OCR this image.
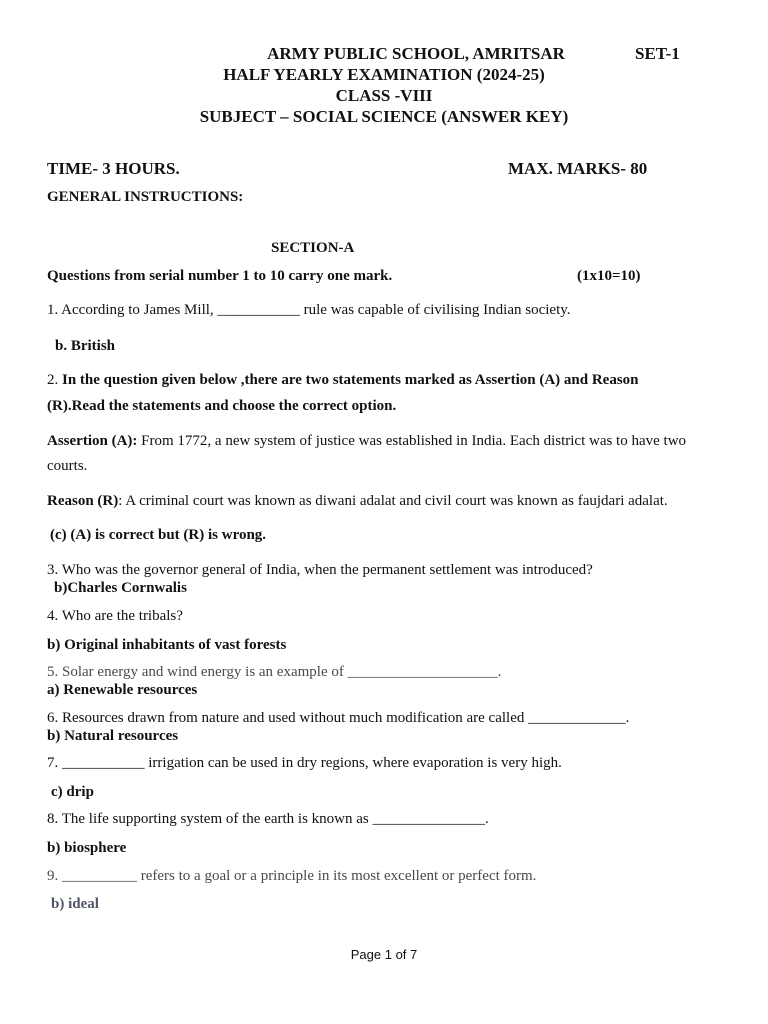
ARMY PUBLIC SCHOOL, AMRITSAR	SET-1
HALF YEARLY EXAMINATION (2024-25)
CLASS -VIII
SUBJECT – SOCIAL SCIENCE (ANSWER KEY)
TIME- 3 HOURS.	MAX. MARKS- 80
GENERAL INSTRUCTIONS:
SECTION-A
Questions from serial number 1 to 10 carry one mark.	(1x10=10)
1. According to James Mill, ___________ rule was capable of civilising Indian society.
b. British
2. In the question given below ,there are two statements marked as Assertion (A) and Reason
(R).Read the statements and choose the correct option.
Assertion (A): From 1772, a new system of justice was established in India. Each district was to have two
courts.
Reason (R): A criminal court was known as diwani adalat and civil court was known as faujdari adalat.
(c) (A) is correct but (R) is wrong.
3. Who was the governor general of India, when the permanent settlement was introduced?
b)Charles Cornwalis
4. Who are the tribals?
b) Original inhabitants of vast forests
5. Solar energy and wind energy is an example of ____________________.
a) Renewable resources
6. Resources drawn from nature and used without much modification are called _____________.
b) Natural resources
7. ___________ irrigation can be used in dry regions, where evaporation is very high.
c) drip
8. The life supporting system of the earth is known as _______________.
b) biosphere
9. __________ refers to a goal or a principle in its most excellent or perfect form.
b) ideal
Page 1 of 7
